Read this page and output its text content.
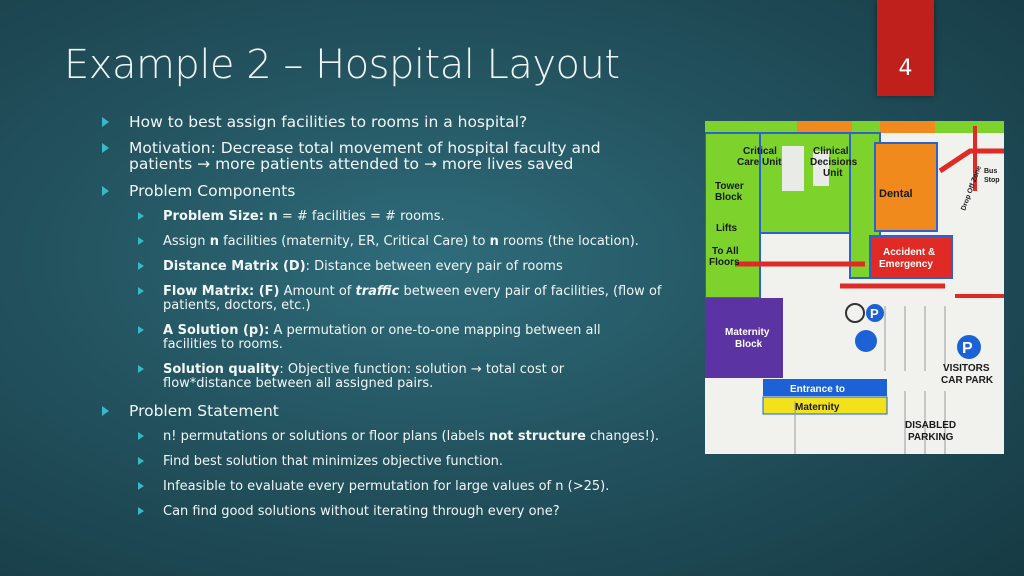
Example 2 – Hospital Layout	4
How to best assign facilities to rooms in a hospital?
Motivation: Decrease total movement of hospital faculty and
patients → more patients attended to → more lives saved
Problem Components
Problem Size: n = # facilities = # rooms.
Assign n facilities (maternity, ER, Critical Care) to n rooms (the location).
Distance Matrix (D): Distance between every pair of rooms
Flow Matrix: (F) Amount of traffic between every pair of facilities, (flow of
patients, doctors, etc.)
A Solution (p): A permutation or one-to-one mapping between all
facilities to rooms.
Solution quality: Objective function: solution → total cost or
flow*distance between all assigned pairs.
Problem Statement
n! permutations or solutions or floor plans (labels not structure changes!).
Find best solution that minimizes objective function.
Infeasible to evaluate every permutation for large values of n (>25).
Can find good solutions without iterating through every one?
P
P
Critical
Care Unit
Clinical
Decisions
Unit
Tower
Block
Lifts
To All
Floors
Dental	Drop Off Zone Bus
Stop
Accident &
Emergency
Maternity
Block
Entrance to
Maternity
VISITORS
CAR PARK
DISABLED
PARKING
